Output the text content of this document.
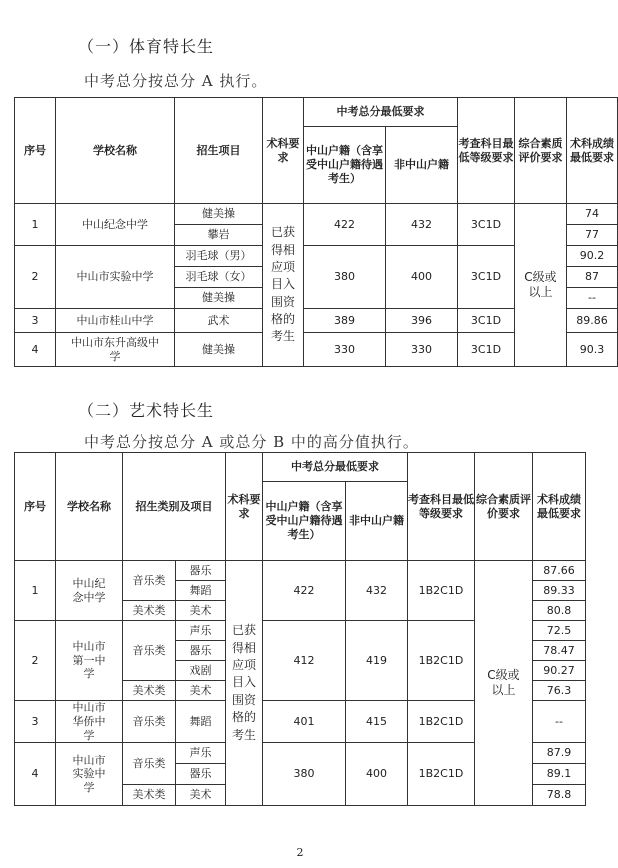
（一）体育特长生
中考总分按总分 A 执行。
序号	学校名称	招生项目	术科要求	中考总分最低要求		考查科目最低等级要求	综合素质评价要求	术科成绩最低要求
				中山户籍（含享受中山户籍待遇考生）	非中山户籍			
1	中山纪念中学	健美操	已获得相应项目入围资格的考生	422	432	3C1D	C级或以上	74
		攀岩						77
2	中山市实验中学	羽毛球（男）		380	400	3C1D		90.2
		羽毛球（女）						87
		健美操						--
3	中山市桂山中学	武术		389	396	3C1D		89.86
4	中山市东升高级中学	健美操		330	330	3C1D		90.3
（二）艺术特长生
中考总分按总分 A 或总分 B 中的高分值执行。
序号	学校名称	招生类别及项目		术科要求	中考总分最低要求		考查科目最低等级要求	综合素质评价要求	术科成绩最低要求
					中山户籍（含享受中山户籍待遇考生）	非中山户籍			
1	中山纪念中学	音乐类	器乐	已获得相应项目入围资格的考生	422	432	1B2C1D	C级或以上	87.66
			舞蹈						89.33
		美术类	美术						80.8
2	中山市第一中学	音乐类	声乐		412	419	1B2C1D		72.5
			器乐						78.47
			戏剧						90.27
		美术类	美术						76.3
3	中山市华侨中学	音乐类	舞蹈		401	415	1B2C1D		--
4	中山市实验中学	音乐类	声乐		380	400	1B2C1D		87.9
			器乐						89.1
		美术类	美术						78.8
2
